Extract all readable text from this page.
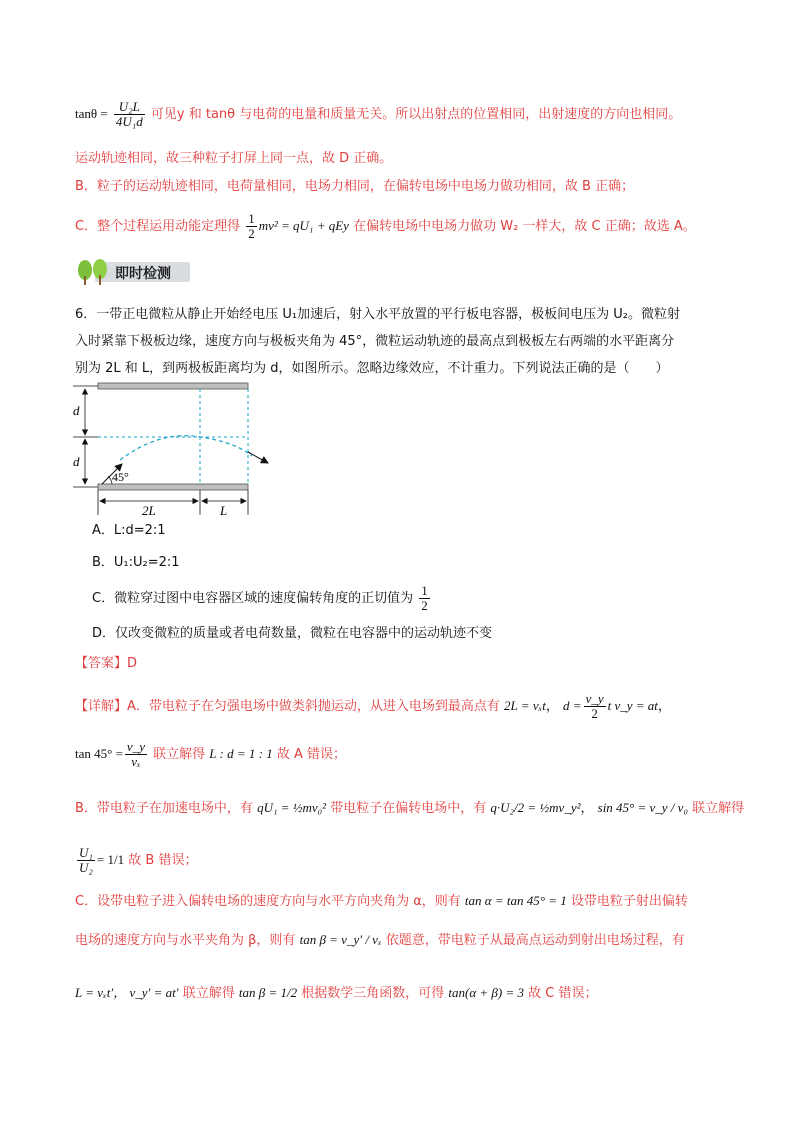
$\tan\theta = \frac{\text{U₂L}}{\text{4U₁d}}$ 可见y 和 tanθ 与电荷的电量和质量无关。所以出射点的位置相同，出射速度的方向也相同。
运动轨迹相同，故三种粒子打屏上同一点，故 D 正确。
B．粒子的运动轨迹相同，电荷量相同，电场力相同，在偏转电场中电场力做功相同，故 B 正确；
C．整个过程运用动能定理得 $\frac{1}{2} mv^2 = qU_1$ + qEy 在偏转电场中电场力做功 W₂ 一样大，故 C 正确；故选 A。
即时检测
6．一带正电微粒从静止开始经电压 U₁加速后，射入水平放置的平行板电容器，极板间电压为 U₂。微粒射
入时紧靠下极板边缘，速度方向与极板夹角为 45°，微粒运动轨迹的最高点到极板左右两端的水平距离分
别为 2L 和 L，到两极板距离均为 d，如图所示。忽略边缘效应，不计重力。下列说法正确的是（　　）
d
d
45°
2L	L
A．L:d=2:1
B．U₁:U₂=2:1
C．微粒穿过图中电容器区域的速度偏转角度的正切值为 $\frac{1}{2}$
D．仅改变微粒的质量或者电荷数量，微粒在电容器中的运动轨迹不变
【答案】D
【详解】A．带电粒子在匀强电场中做类斜抛运动，从进入电场到最高点有 2L = vₓt， $d = \frac{v\_y}{2}$ t v_y = at，
$\tan 45^\circ = \frac{v\_y}{\text{vₓ}}$ 联立解得 L : d = 1 : 1 故 A 错误；
B．带电粒子在加速电场中，有 qU₁ = ½mv₀² 带电粒子在偏转电场中，有 q·U₂/2 = ½mv_y²， sin 45° = v_y / v₀ 联立解得
$\frac{\text{U₁}}{\text{U₂}} = 1/1$ 故 B 错误；
C．设带电粒子进入偏转电场的速度方向与水平方向夹角为 α，则有 tan α = tan 45° = 1 设带电粒子射出偏转
电场的速度方向与水平夹角为 β，则有 tan β = v_y′ / vₓ 依题意，带电粒子从最高点运动到射出电场过程，有
L = vₓt′， v_y′ = at′ 联立解得 tan β = 1/2 根据数学三角函数，可得 tan(α + β) = 3 故 C 错误；
